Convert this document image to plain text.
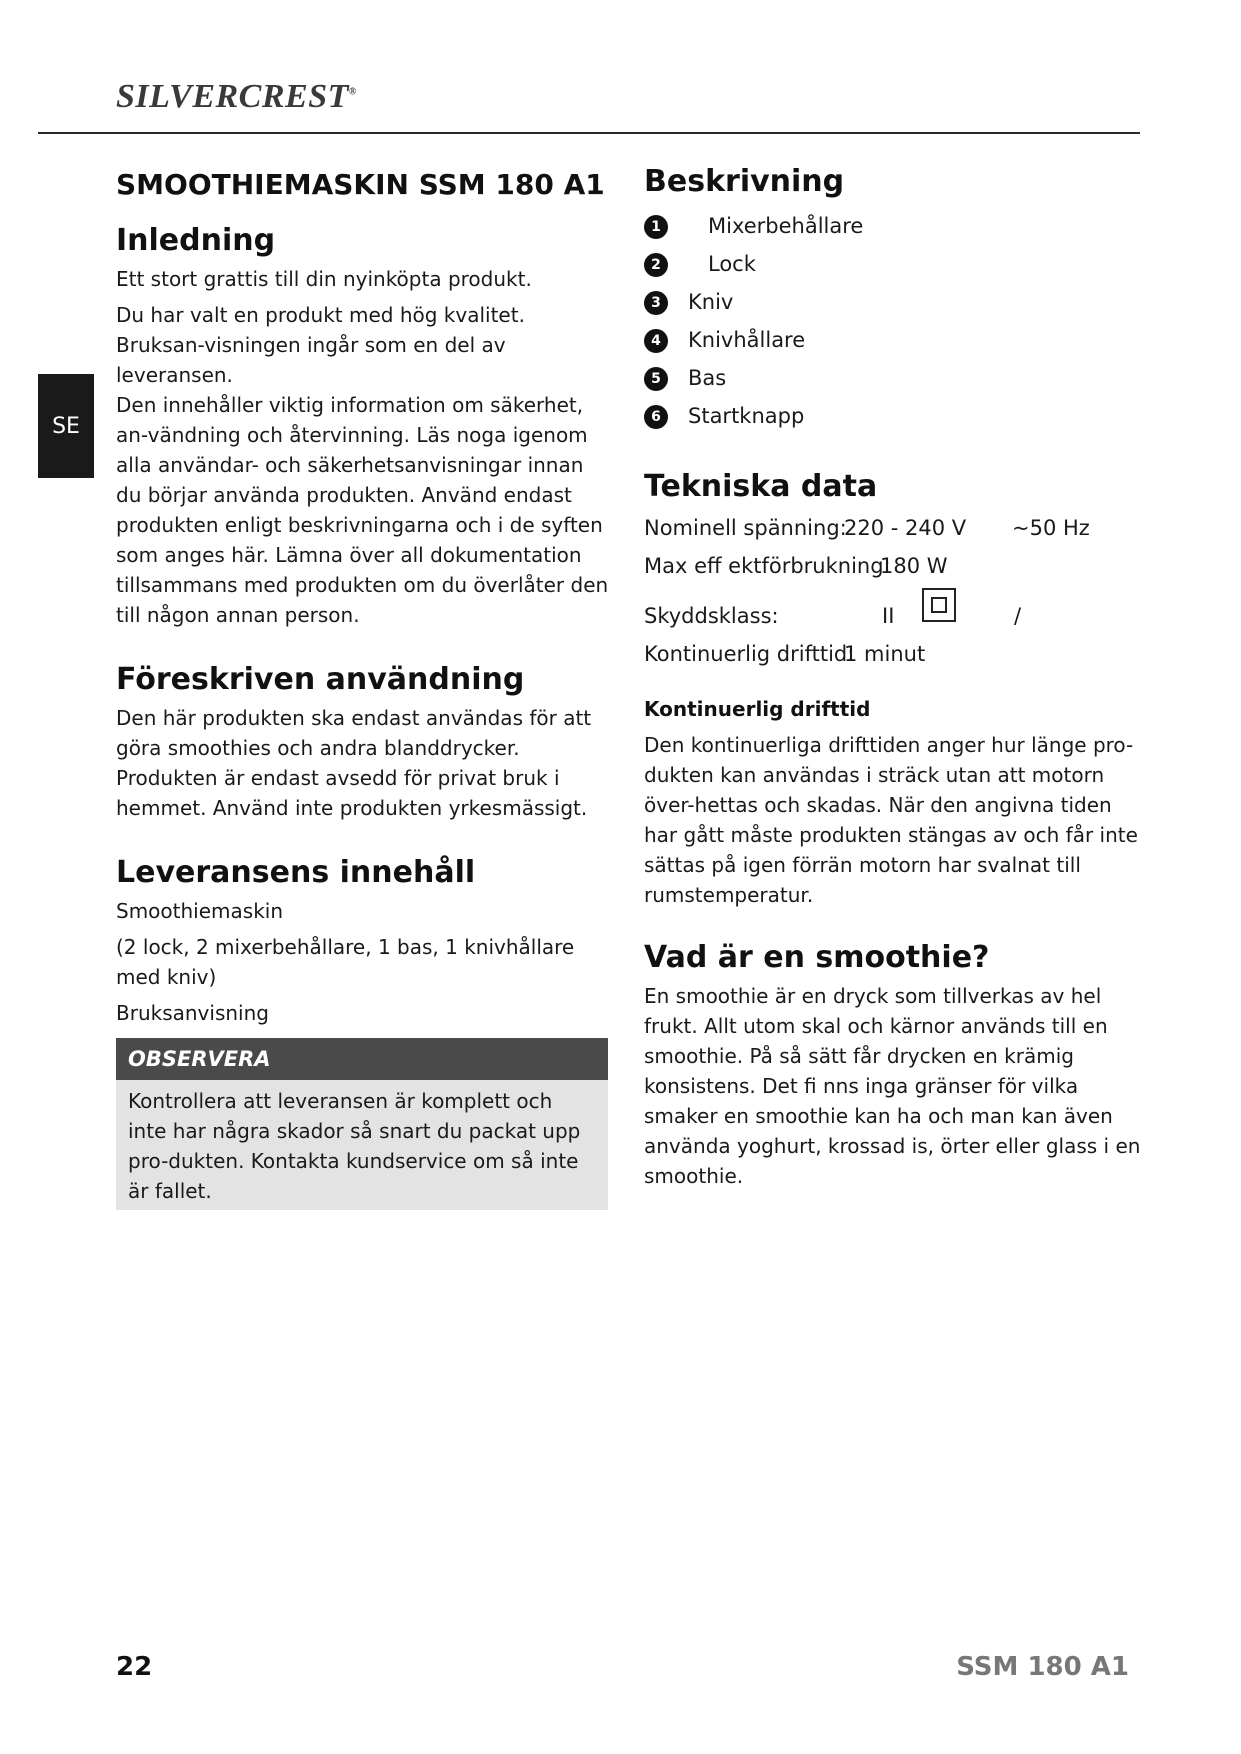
SILVERCREST®
SE
SMOOTHIEMASKIN SSM 180 A1
Inledning

Ett stort grattis till din nyinköpta produkt.

Du har valt en produkt med hög kvalitet. Bruksan-visningen ingår som en del av leveransen.

Den innehåller viktig information om säkerhet, an-vändning och återvinning. Läs noga igenom alla användar- och säkerhetsanvisningar innan du börjar använda produkten. Använd endast produkten enligt beskrivningarna och i de syften som anges här. Lämna över all dokumentation tillsammans med produkten om du överlåter den till någon annan person.

Föreskriven användning

Den här produkten ska endast användas för att göra smoothies och andra blanddrycker. Produkten är endast avsedd för privat bruk i hemmet. Använd inte produkten yrkesmässigt.

Leveransens innehåll

Smoothiemaskin

(2 lock, 2 mixerbehållare, 1 bas, 1 knivhållare med kniv)

Bruksanvisning

OBSERVERA

Kontrollera att leveransen är komplett och inte har några skador så snart du packat upp pro-dukten. Kontakta kundservice om så inte är fallet.

Beskrivning
1	Mixerbehållare
2	Lock
3	Kniv
4	Knivhållare
5	Bas
6	Startknapp
Tekniska data
Nominell spänning:
220 - 240 V ~50 Hz
Max eff ektförbrukning:
180 W
Skyddsklass:	II	/
Kontinuerlig drifttid:
1 minut
Kontinuerlig drifttid

Den kontinuerliga drifttiden anger hur länge pro-dukten kan användas i sträck utan att motorn över-hettas och skadas. När den angivna tiden har gått måste produkten stängas av och får inte sättas på igen förrän motorn har svalnat till rumstemperatur.

Vad är en smoothie?

En smoothie är en dryck som tillverkas av hel frukt. Allt utom skal och kärnor används till en smoothie. På så sätt får drycken en krämig konsistens. Det fi nns inga gränser för vilka smaker en smoothie kan ha och man kan även använda yoghurt, krossad is, örter eller glass i en smoothie.

22	SSM 180 A1
